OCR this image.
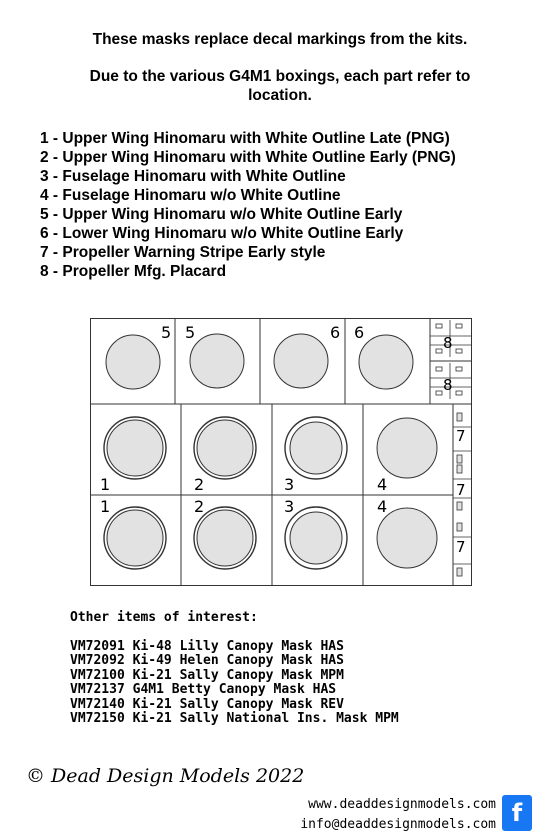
These masks replace decal markings from the kits.
Due to the various G4M1 boxings, each part refer to
location.
1 - Upper Wing Hinomaru with White Outline Late (PNG)
2 - Upper Wing Hinomaru with White Outline Early (PNG)
3 - Fuselage Hinomaru with White Outline
4 - Fuselage Hinomaru w/o White Outline
5 - Upper Wing Hinomaru w/o White Outline Early
6 - Lower Wing Hinomaru w/o White Outline Early
7 - Propeller Warning Stripe Early style
8 - Propeller Mfg. Placard
5 5	6 6
1	2	3	4
1	2	3	4
8
8
7
7
7
Other items of interest:
VM72091 Ki-48 Lilly Canopy Mask HAS
VM72092 Ki-49 Helen Canopy Mask HAS
VM72100 Ki-21 Sally Canopy Mask MPM
VM72137 G4M1 Betty Canopy Mask HAS
VM72140 Ki-21 Sally Canopy Mask REV
VM72150 Ki-21 Sally National Ins. Mask MPM
© Dead Design Models 2022
www.deaddesignmodels.com
info@deaddesignmodels.com f
